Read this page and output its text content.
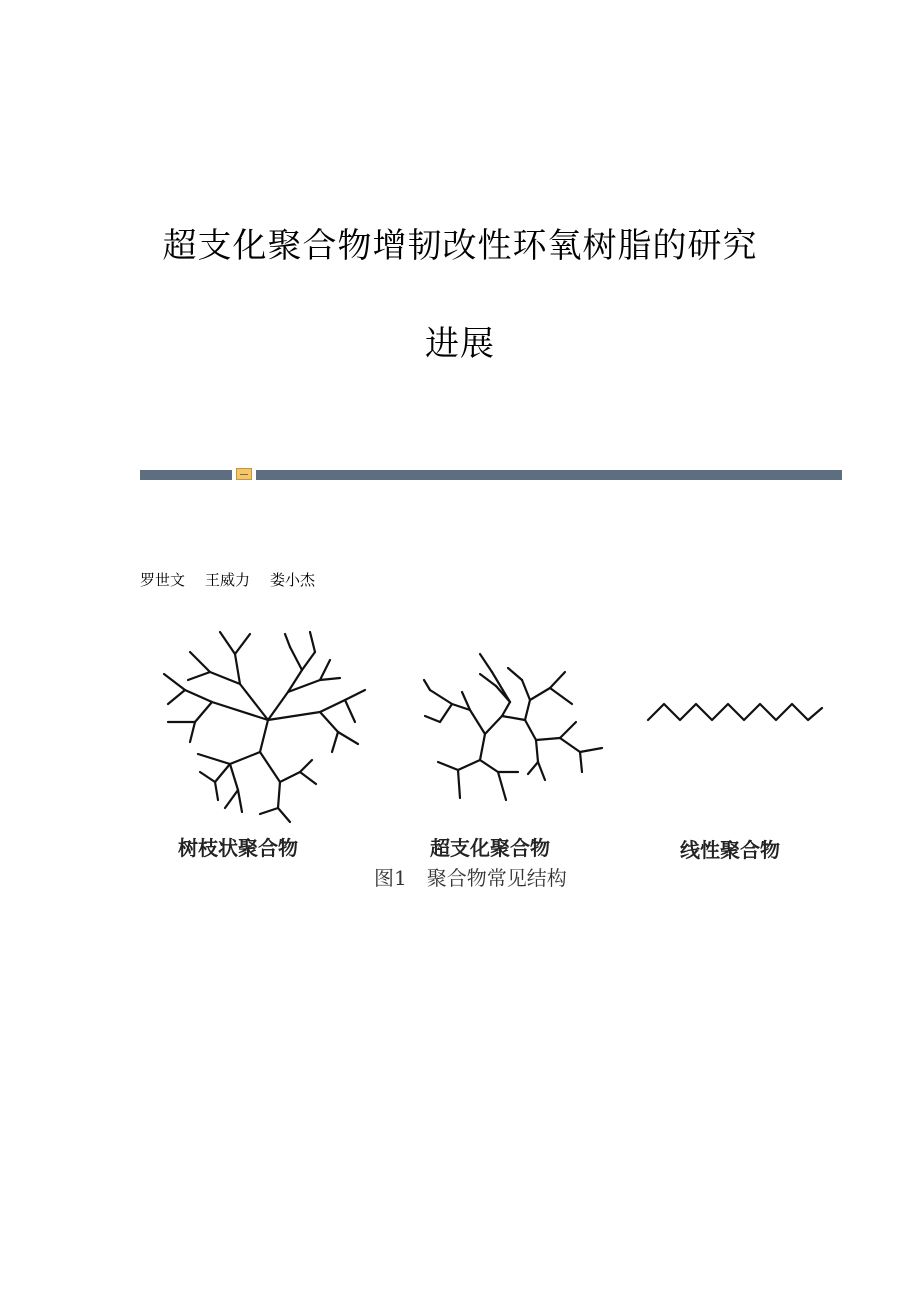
超支化聚合物增韧改性环氧树脂的研究
进展
罗世文 王威力 娄小杰
树枝状聚合物	超支化聚合物	线性聚合物
图1　聚合物常见结构
